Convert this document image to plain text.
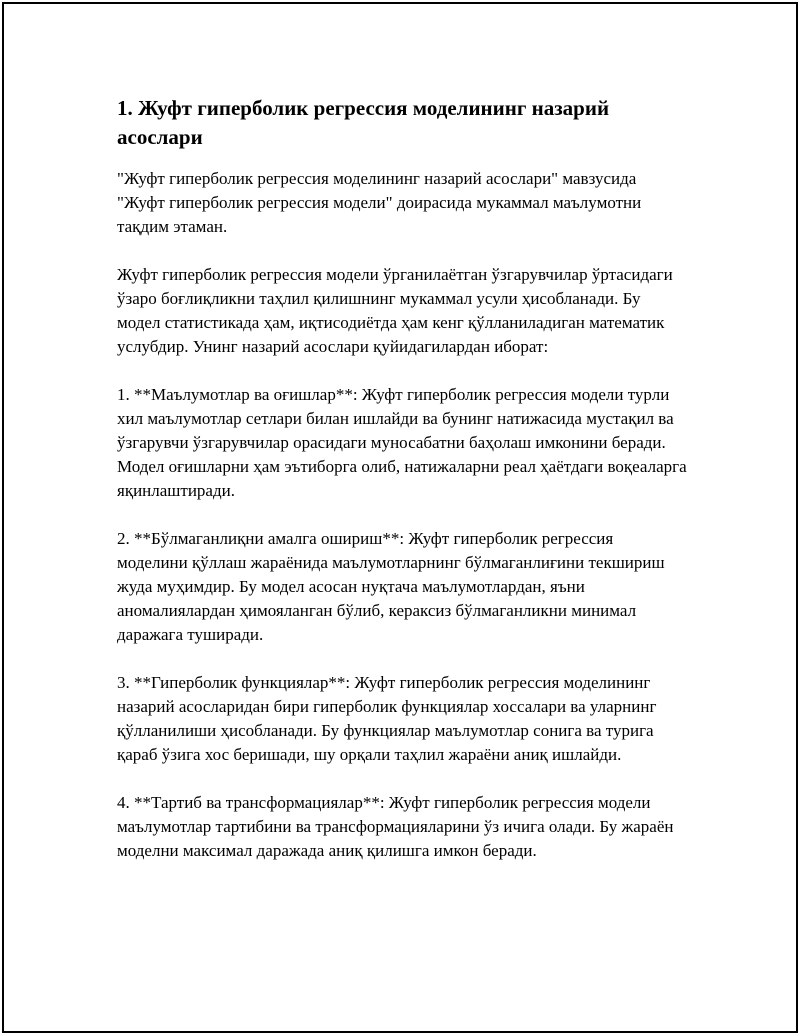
1. Жуфт гиперболик регрессия моделининг назарий асослари

"Жуфт гиперболик регрессия моделининг назарий асослари" мавзусида "Жуфт гиперболик регрессия модели" доирасида мукаммал маълумотни тақдим этаман.

Жуфт гиперболик регрессия модели ўрганилаётган ўзгарувчилар ўртасидаги ўзаро боғлиқликни таҳлил қилишнинг мукаммал усули ҳисобланади. Бу модел статистикада ҳам, иқтисодиётда ҳам кенг қўлланиладиган математик услубдир. Унинг назарий асослари қуйидагилардан иборат:

1. **Маълумотлар ва оғишлар**: Жуфт гиперболик регрессия модели турли хил маълумотлар сетлари билан ишлайди ва бунинг натижасида мустақил ва ўзгарувчи ўзгарувчилар орасидаги муносабатни баҳолаш имконини беради. Модел оғишларни ҳам эътиборга олиб, натижаларни реал ҳаётдаги воқеаларга яқинлаштиради.

2. **Бўлмаганлиқни амалга ошириш**: Жуфт гиперболик регрессия моделини қўллаш жараёнида маълумотларнинг бўлмаганлиғини текшириш жуда муҳимдир. Бу модел асосан нуқтача маълумотлардан, яъни аномалиялардан ҳимояланган бўлиб, кераксиз бўлмаганликни минимал даражага туширади.

3. **Гиперболик функциялар**: Жуфт гиперболик регрессия моделининг назарий асосларидан бири гиперболик функциялар хоссалари ва уларнинг қўлланилиши ҳисобланади. Бу функциялар маълумотлар сонига ва турига қараб ўзига хос беришади, шу орқали таҳлил жараёни аниқ ишлайди.

4. **Тартиб ва трансформациялар**: Жуфт гиперболик регрессия модели маълумотлар тартибини ва трансформацияларини ўз ичига олади. Бу жараён моделни максимал даражада аниқ қилишга имкон беради.
